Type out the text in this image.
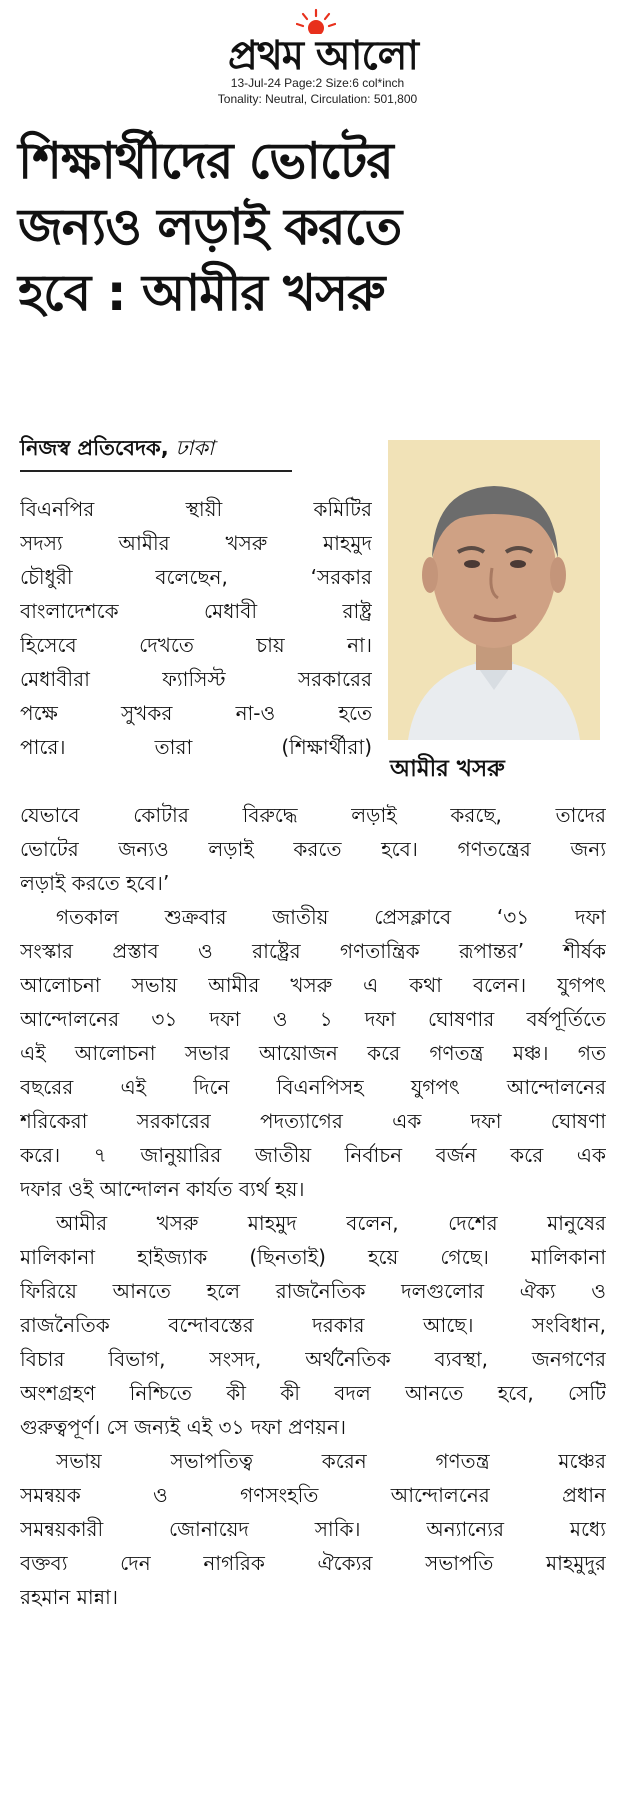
প্রথম আলো
13-Jul-24 Page:2 Size:6 col*inch
Tonality: Neutral, Circulation: 501,800
শিক্ষার্থীদের ভোটের
জন্যও লড়াই করতে
হবে : আমীর খসরু
নিজস্ব প্রতিবেদক, ঢাকা
আমীর খসরু
বিএনপির স্থায়ী কমিটির
সদস্য আমীর খসরু মাহমুদ
চৌধুরী বলেছেন, ‘সরকার
বাংলাদেশকে মেধাবী রাষ্ট্র
হিসেবে দেখতে চায় না।
মেধাবীরা ফ্যাসিস্ট সরকারের
পক্ষে সুখকর না-ও হতে
পারে। তারা (শিক্ষার্থীরা)
যেভাবে কোটার বিরুদ্ধে লড়াই করছে, তাদের
ভোটের জন্যও লড়াই করতে হবে। গণতন্ত্রের জন্য
লড়াই করতে হবে।’
গতকাল শুক্রবার জাতীয় প্রেসক্লাবে ‘৩১ দফা
সংস্কার প্রস্তাব ও রাষ্ট্রের গণতান্ত্রিক রূপান্তর’ শীর্ষক
আলোচনা সভায় আমীর খসরু এ কথা বলেন। যুগপৎ
আন্দোলনের ৩১ দফা ও ১ দফা ঘোষণার বর্ষপূর্তিতে
এই আলোচনা সভার আয়োজন করে গণতন্ত্র মঞ্চ। গত
বছরের এই দিনে বিএনপিসহ যুগপৎ আন্দোলনের
শরিকেরা সরকারের পদত্যাগের এক দফা ঘোষণা
করে। ৭ জানুয়ারির জাতীয় নির্বাচন বর্জন করে এক
দফার ওই আন্দোলন কার্যত ব্যর্থ হয়।
আমীর খসরু মাহমুদ বলেন, দেশের মানুষের
মালিকানা হাইজ্যাক (ছিনতাই) হয়ে গেছে। মালিকানা
ফিরিয়ে আনতে হলে রাজনৈতিক দলগুলোর ঐক্য ও
রাজনৈতিক বন্দোবস্তের দরকার আছে। সংবিধান,
বিচার বিভাগ, সংসদ, অর্থনৈতিক ব্যবস্থা, জনগণের
অংশগ্রহণ নিশ্চিতে কী কী বদল আনতে হবে, সেটি
গুরুত্বপূর্ণ। সে জন্যই এই ৩১ দফা প্রণয়ন।
সভায় সভাপতিত্ব করেন গণতন্ত্র মঞ্চের
সমন্বয়ক ও গণসংহতি আন্দোলনের প্রধান
সমন্বয়কারী জোনায়েদ সাকি। অন্যান্যের মধ্যে
বক্তব্য দেন নাগরিক ঐক্যের সভাপতি মাহমুদুর
রহমান মান্না।
